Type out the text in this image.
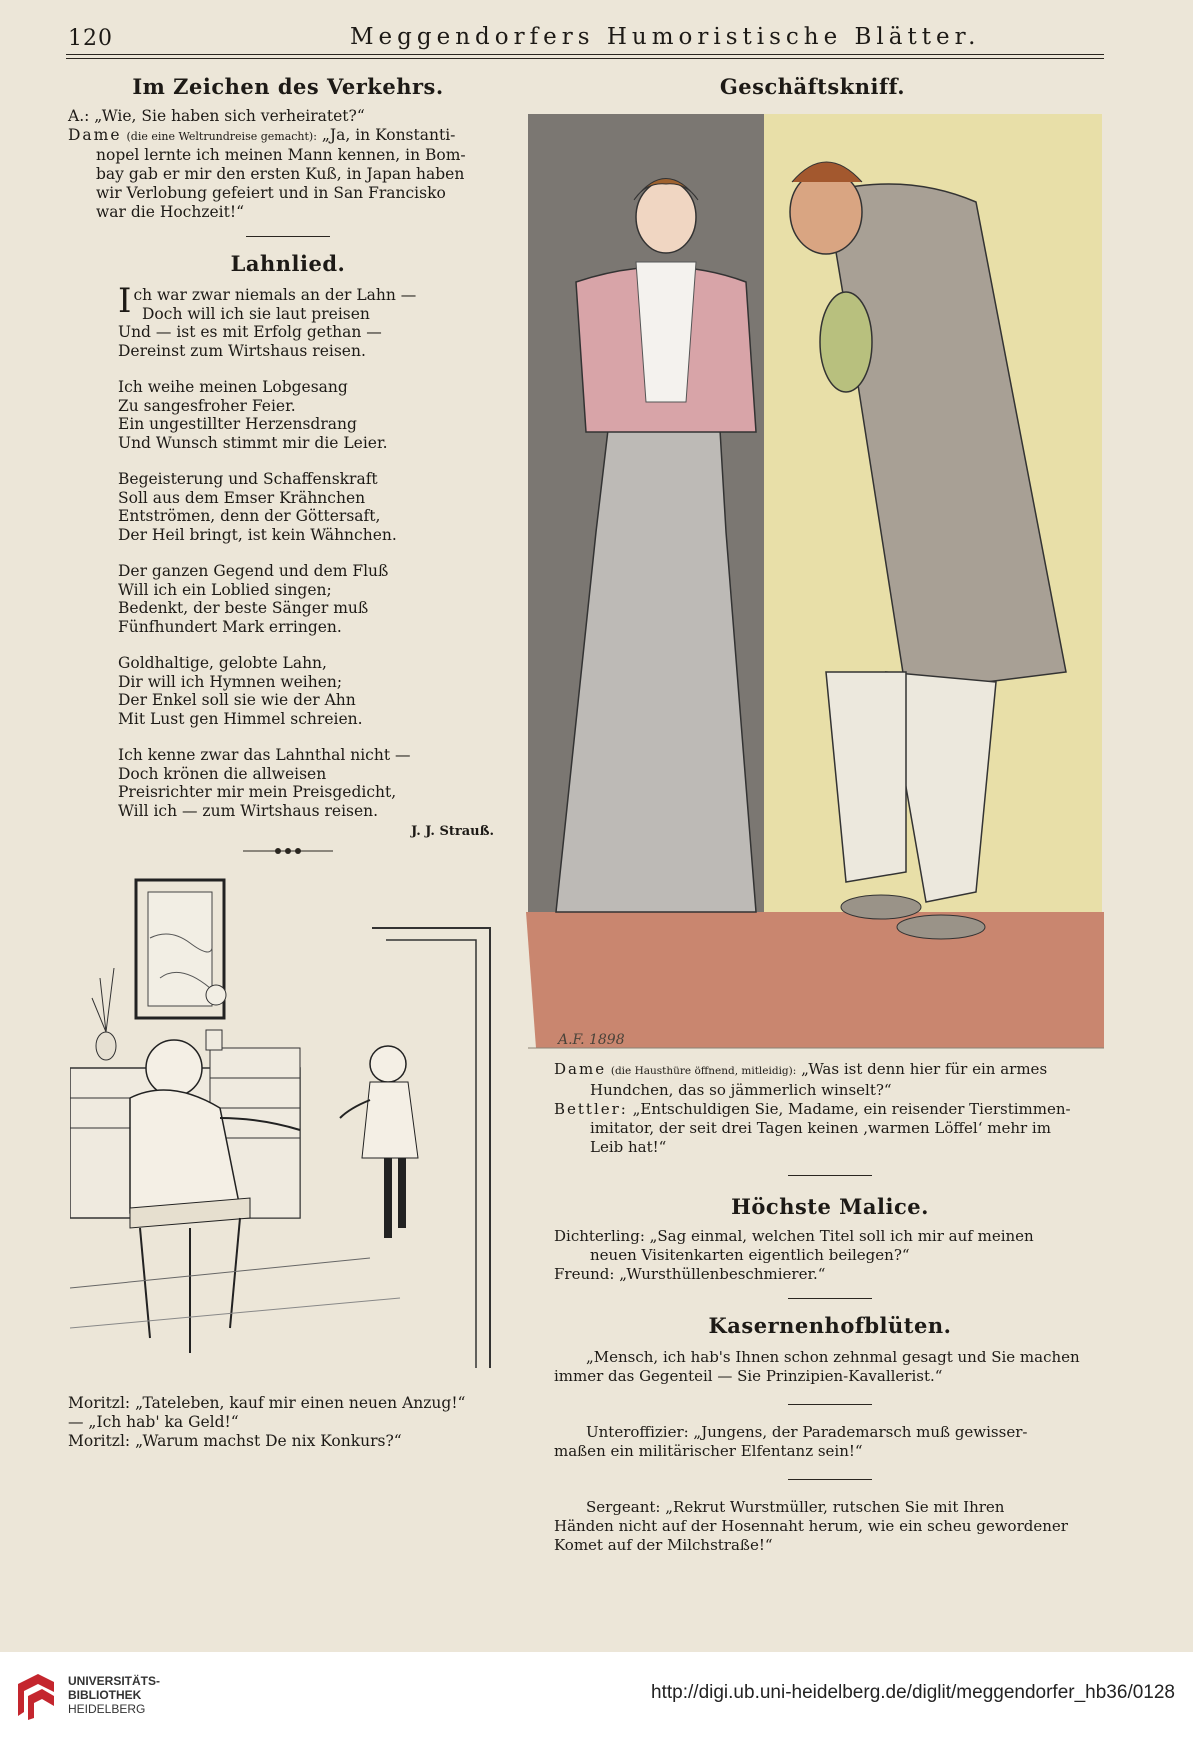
120	Meggendorfers Humoristische Blätter.

Im Zeichen des Verkehrs.

A.: „Wie, Sie haben sich verheiratet?“
Dame (die eine Weltrundreise gemacht): „Ja, in Konstanti-
nopel lernte ich meinen Mann kennen, in Bom-
bay gab er mir den ersten Kuß, in Japan haben
wir Verlobung gefeiert und in San Francisko
war die Hochzeit!“

Lahnlied.

Ich war zwar niemals an der Lahn —
Doch will ich sie laut preisen
Und — ist es mit Erfolg gethan —
Dereinst zum Wirtshaus reisen.
Ich weihe meinen Lobgesang
Zu sangesfroher Feier.
Ein ungestillter Herzensdrang
Und Wunsch stimmt mir die Leier.
Begeisterung und Schaffenskraft
Soll aus dem Emser Krähnchen
Entströmen, denn der Göttersaft,
Der Heil bringt, ist kein Wähnchen.
Der ganzen Gegend und dem Fluß
Will ich ein Loblied singen;
Bedenkt, der beste Sänger muß
Fünfhundert Mark erringen.
Goldhaltige, gelobte Lahn,
Dir will ich Hymnen weihen;
Der Enkel soll sie wie der Ahn
Mit Lust gen Himmel schreien.
Ich kenne zwar das Lahnthal nicht —
Doch krönen die allweisen
Preisrichter mir mein Preisgedicht,
Will ich — zum Wirtshaus reisen.
J. J. Strauß.

Moritzl: „Tateleben, kauf mir einen neuen Anzug!“
— „Ich hab' ka Geld!“
Moritzl: „Warum machst De nix Konkurs?“

Geschäftskniff.

A.F. 1898

Dame (die Hausthüre öffnend, mitleidig): „Was ist denn hier für ein armes
Hundchen, das so jämmerlich winselt?“
Bettler: „Entschuldigen Sie, Madame, ein reisender Tierstimmen-
imitator, der seit drei Tagen keinen ‚warmen Löffel‘ mehr im
Leib hat!“

Höchste Malice.

Dichterling: „Sag einmal, welchen Titel soll ich mir auf meinen
neuen Visitenkarten eigentlich beilegen?“
Freund: „Wursthüllenbeschmierer.“

Kasernenhofblüten.

„Mensch, ich hab's Ihnen schon zehnmal gesagt und Sie machen
immer das Gegenteil — Sie Prinzipien-Kavallerist.“

Unteroffizier: „Jungens, der Parademarsch muß gewisser-
maßen ein militärischer Elfentanz sein!“

Sergeant: „Rekrut Wurstmüller, rutschen Sie mit Ihren
Händen nicht auf der Hosennaht herum, wie ein scheu gewordener
Komet auf der Milchstraße!“

UNIVERSITÄTS-
BIBLIOTHEK
HEIDELBERG
http://digi.ub.uni-heidelberg.de/diglit/meggendorfer_hb36/0128
